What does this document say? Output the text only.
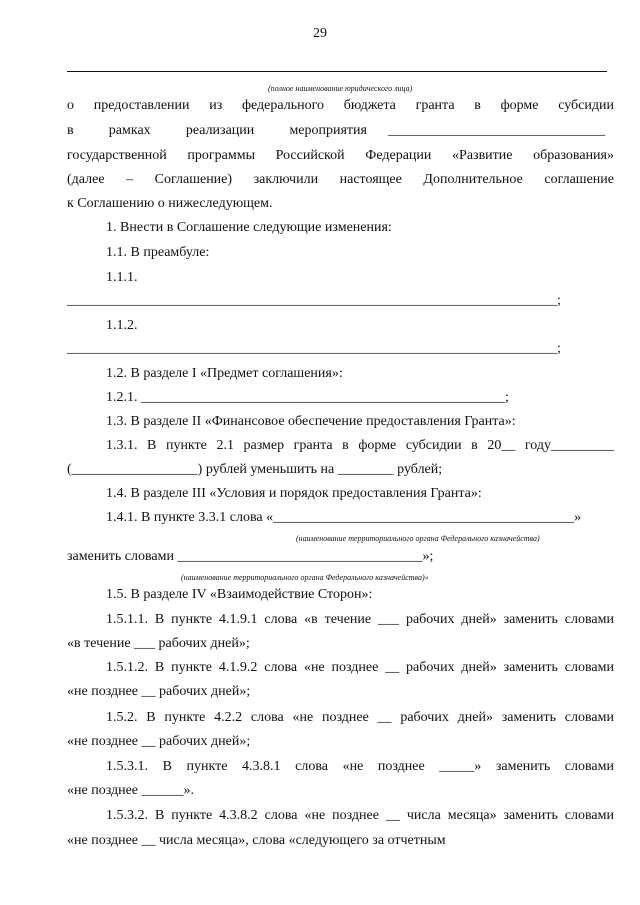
29
(полное наименование юридического лица)
о предоставлении из федерального бюджета гранта в форме субсидии
в рамках реализации мероприятия _______________________________
государственной программы Российской Федерации «Развитие образования»
(далее – Соглашение) заключили настоящее Дополнительное соглашение
к Соглашению о нижеследующем.
1. Внести в Соглашение следующие изменения:
1.1. В преамбуле:
1.1.1.
______________________________________________________________________;
1.1.2.
______________________________________________________________________;
1.2. В разделе I «Предмет соглашения»:
1.2.1. ____________________________________________________;
1.3. В разделе II «Финансовое обеспечение предоставления Гранта»:
1.3.1. В пункте 2.1 размер гранта в форме субсидии в 20__ году_________
(__________________) рублей уменьшить на ________ рублей;
1.4. В разделе III «Условия и порядок предоставления Гранта»:
1.4.1. В пункте 3.3.1 слова «___________________________________________»
(наименование территориального органа Федерального казначейства)
заменить словами ___________________________________»;
(наименование территориального органа Федерального казначейства)»
1.5. В разделе IV «Взаимодействие Сторон»:
1.5.1.1. В пункте 4.1.9.1 слова «в течение ___ рабочих дней» заменить словами
«в течение ___ рабочих дней»;
1.5.1.2. В пункте 4.1.9.2 слова «не позднее __ рабочих дней» заменить словами
«не позднее __ рабочих дней»;
1.5.2. В пункте 4.2.2 слова «не позднее __ рабочих дней» заменить словами
«не позднее __ рабочих дней»;
1.5.3.1. В пункте 4.3.8.1 слова «не позднее _____» заменить словами
«не позднее ______».
1.5.3.2. В пункте 4.3.8.2 слова «не позднее __ числа месяца» заменить словами
«не позднее __ числа месяца», слова «следующего за отчетным
